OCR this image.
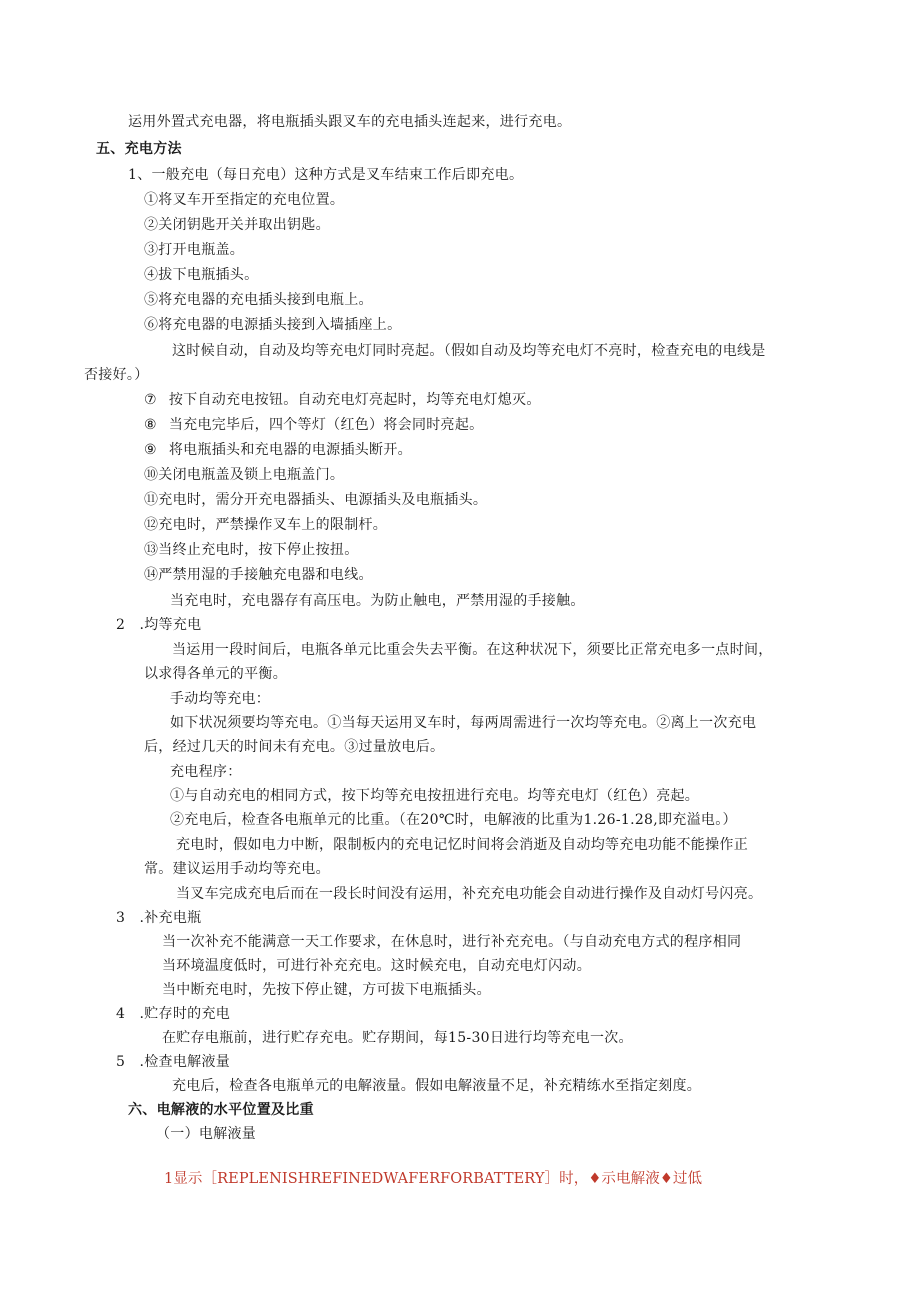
运用外置式充电器，将电瓶插头跟叉车的充电插头连起来，进行充电。
五、充电方法
1、一般充电（每日充电）这种方式是叉车结束工作后即充电。
①将叉车开至指定的充电位置。
②关闭钥匙开关并取出钥匙。
③打开电瓶盖。
④拔下电瓶插头。
⑤将充电器的充电插头接到电瓶上。
⑥将充电器的电源插头接到入墙插座上。
这时候自动，自动及均等充电灯同时亮起。（假如自动及均等充电灯不亮时，检查充电的电线是
否接好。）
⑦ 按下自动充电按钮。自动充电灯亮起时，均等充电灯熄灭。
⑧ 当充电完毕后，四个等灯（红色）将会同时亮起。
⑨ 将电瓶插头和充电器的电源插头断开。
⑩关闭电瓶盖及锁上电瓶盖门。
⑪充电时，需分开充电器插头、电源插头及电瓶插头。
⑫充电时，严禁操作叉车上的限制杆。
⑬当终止充电时，按下停止按扭。
⑭严禁用湿的手接触充电器和电线。
当充电时，充电器存有高压电。为防止触电，严禁用湿的手接触。
2　.均等充电
当运用一段时间后，电瓶各单元比重会失去平衡。在这种状况下，须要比正常充电多一点时间，
以求得各单元的平衡。
手动均等充电：
如下状况须要均等充电。①当每天运用叉车时，每两周需进行一次均等充电。②离上一次充电
后，经过几天的时间未有充电。③过量放电后。
充电程序：
①与自动充电的相同方式，按下均等充电按扭进行充电。均等充电灯（红色）亮起。
②充电后，检查各电瓶单元的比重。（在20℃时，电解液的比重为1.26-1.28,即充溢电。）
充电时，假如电力中断，限制板内的充电记忆时间将会消逝及自动均等充电功能不能操作正
常。建议运用手动均等充电。
当叉车完成充电后而在一段长时间没有运用，补充充电功能会自动进行操作及自动灯号闪亮。
3　.补充电瓶
当一次补充不能满意一天工作要求，在休息时，进行补充充电。（与自动充电方式的程序相同
当环境温度低时，可进行补充充电。这时候充电，自动充电灯闪动。
当中断充电时，先按下停止键，方可拔下电瓶插头。
4　.贮存时的充电
在贮存电瓶前，进行贮存充电。贮存期间，每15-30日进行均等充电一次。
5　.检查电解液量
充电后，检查各电瓶单元的电解液量。假如电解液量不足，补充精练水至指定刻度。
六、电解液的水平位置及比重
（一）电解液量
1显示［REPLENISHREFINEDWAFERFORBATTERY］时，♦示电解液♦过低
